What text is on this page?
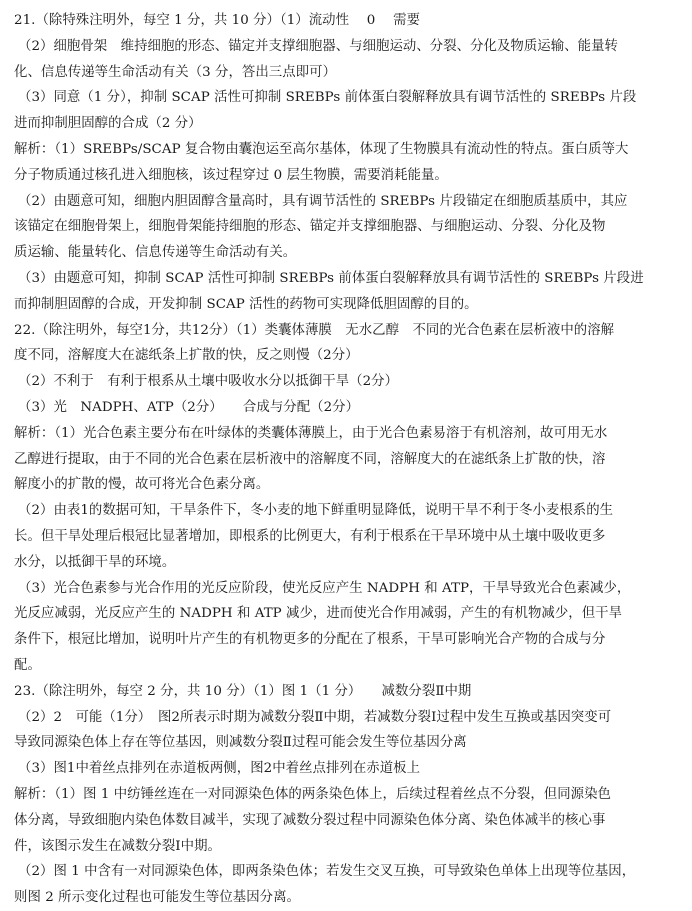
21.（除特殊注明外，每空 1 分，共 10 分）（1）流动性　 0　 需要
（2）细胞骨架　维持细胞的形态、锚定并支撑细胞器、与细胞运动、分裂、分化及物质运输、能量转
化、信息传递等生命活动有关（3 分，答出三点即可）
（3）同意（1 分），抑制 SCAP 活性可抑制 SREBPs 前体蛋白裂解释放具有调节活性的 SREBPs 片段
进而抑制胆固醇的合成（2 分）
解析：（1）SREBPs/SCAP 复合物由囊泡运至高尔基体，体现了生物膜具有流动性的特点。蛋白质等大
分子物质通过核孔进入细胞核，该过程穿过 0 层生物膜，需要消耗能量。
（2）由题意可知，细胞内胆固醇含量高时，具有调节活性的 SREBPs 片段锚定在细胞质基质中，其应
该锚定在细胞骨架上，细胞骨架能持细胞的形态、锚定并支撑细胞器、与细胞运动、分裂、分化及物
质运输、能量转化、信息传递等生命活动有关。
（3）由题意可知，抑制 SCAP 活性可抑制 SREBPs 前体蛋白裂解释放具有调节活性的 SREBPs 片段进
而抑制胆固醇的合成，开发抑制 SCAP 活性的药物可实现降低胆固醇的目的。
22.（除注明外，每空1分，共12分）（1）类囊体薄膜　无水乙醇　不同的光合色素在层析液中的溶解
度不同，溶解度大在滤纸条上扩散的快，反之则慢（2分）
（2）不利于　有利于根系从土壤中吸收水分以抵御干旱（2分）
（3）光　NADPH、ATP（2分）　　合成与分配（2分）
解析：（1）光合色素主要分布在叶绿体的类囊体薄膜上，由于光合色素易溶于有机溶剂，故可用无水
乙醇进行提取，由于不同的光合色素在层析液中的溶解度不同，溶解度大的在滤纸条上扩散的快，溶
解度小的扩散的慢，故可将光合色素分离。
（2）由表1的数据可知，干旱条件下，冬小麦的地下鲜重明显降低，说明干旱不利于冬小麦根系的生
长。但干旱处理后根冠比显著增加，即根系的比例更大，有利于根系在干旱环境中从土壤中吸收更多
水分，以抵御干旱的环境。
（3）光合色素参与光合作用的光反应阶段，使光反应产生 NADPH 和 ATP，干旱导致光合色素减少，
光反应减弱，光反应产生的 NADPH 和 ATP 减少，进而使光合作用减弱，产生的有机物减少，但干旱
条件下，根冠比增加，说明叶片产生的有机物更多的分配在了根系，干旱可影响光合产物的合成与分
配。
23.（除注明外，每空 2 分，共 10 分）（1）图 1（1 分）　　减数分裂Ⅱ中期
（2）2　可能（1分）　图2所表示时期为减数分裂Ⅱ中期，若减数分裂Ⅰ过程中发生互换或基因突变可
导致同源染色体上存在等位基因，则减数分裂Ⅱ过程可能会发生等位基因分离
（3）图1中着丝点排列在赤道板两侧，图2中着丝点排列在赤道板上
解析：（1）图 1 中纺锤丝连在一对同源染色体的两条染色体上，后续过程着丝点不分裂，但同源染色
体分离，导致细胞内染色体数目减半，实现了减数分裂过程中同源染色体分离、染色体减半的核心事
件，该图示发生在减数分裂Ⅰ中期。
（2）图 1 中含有一对同源染色体，即两条染色体；若发生交叉互换，可导致染色单体上出现等位基因，
则图 2 所示变化过程也可能发生等位基因分离。
